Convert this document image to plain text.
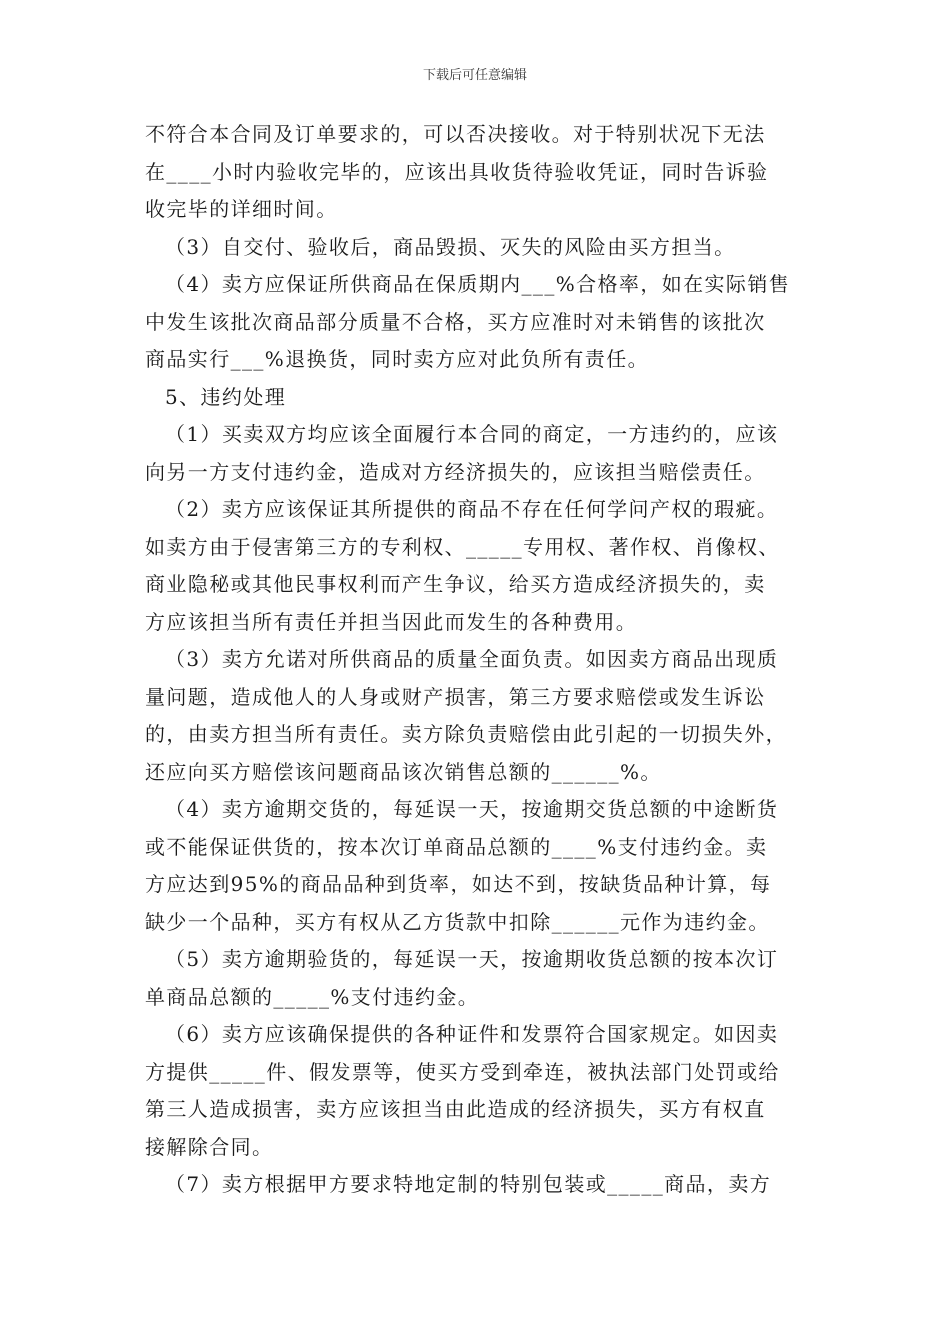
下载后可任意编辑
不符合本合同及订单要求的，可以否决接收。对于特别状况下无法
在____小时内验收完毕的，应该出具收货待验收凭证，同时告诉验
收完毕的详细时间。
（3）自交付、验收后，商品毁损、灭失的风险由买方担当。
（4）卖方应保证所供商品在保质期内___%合格率，如在实际销售
中发生该批次商品部分质量不合格，买方应准时对未销售的该批次
商品实行___%退换货，同时卖方应对此负所有责任。
5、违约处理
（1）买卖双方均应该全面履行本合同的商定，一方违约的，应该
向另一方支付违约金，造成对方经济损失的，应该担当赔偿责任。
（2）卖方应该保证其所提供的商品不存在任何学问产权的瑕疵。
如卖方由于侵害第三方的专利权、_____专用权、著作权、肖像权、
商业隐秘或其他民事权利而产生争议，给买方造成经济损失的，卖
方应该担当所有责任并担当因此而发生的各种费用。
（3）卖方允诺对所供商品的质量全面负责。如因卖方商品出现质
量问题，造成他人的人身或财产损害，第三方要求赔偿或发生诉讼
的，由卖方担当所有责任。卖方除负责赔偿由此引起的一切损失外，
还应向买方赔偿该问题商品该次销售总额的______%。
（4）卖方逾期交货的，每延误一天，按逾期交货总额的中途断货
或不能保证供货的，按本次订单商品总额的____%支付违约金。卖
方应达到95%的商品品种到货率，如达不到，按缺货品种计算，每
缺少一个品种，买方有权从乙方货款中扣除______元作为违约金。
（5）卖方逾期验货的，每延误一天，按逾期收货总额的按本次订
单商品总额的_____%支付违约金。
（6）卖方应该确保提供的各种证件和发票符合国家规定。如因卖
方提供_____件、假发票等，使买方受到牵连，被执法部门处罚或给
第三人造成损害，卖方应该担当由此造成的经济损失，买方有权直
接解除合同。
（7）卖方根据甲方要求特地定制的特别包装或_____商品，卖方
